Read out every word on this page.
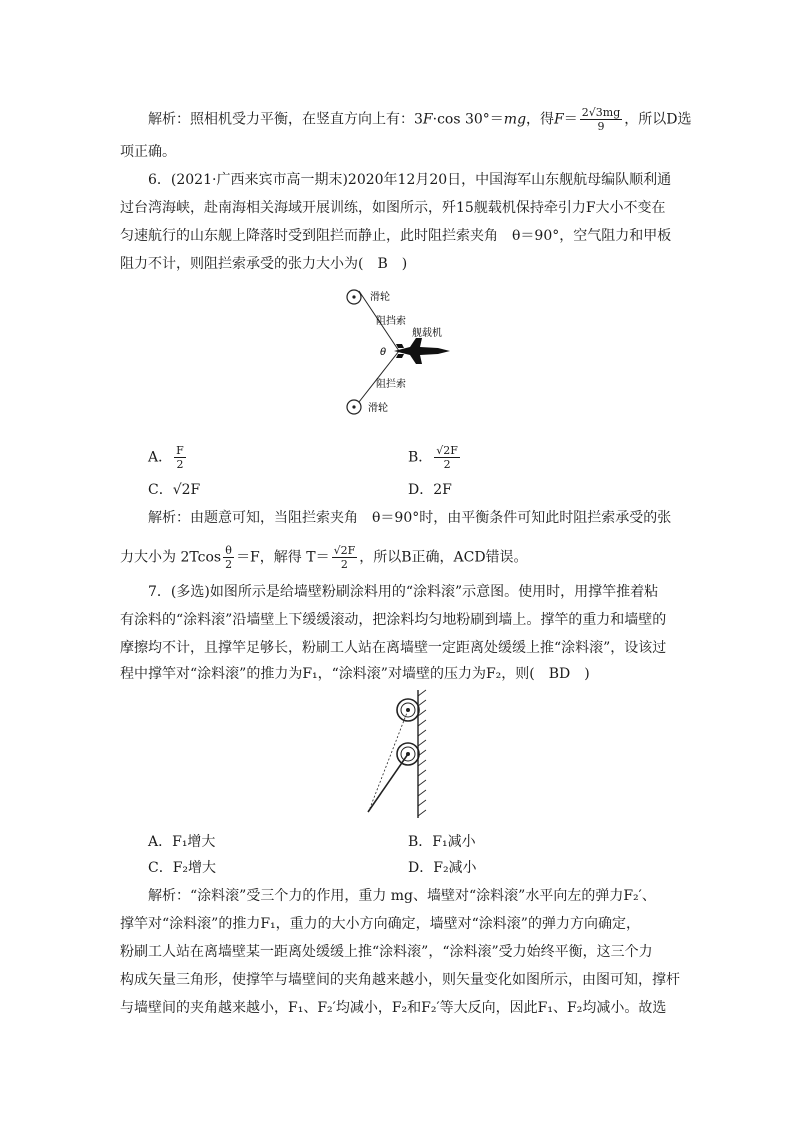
解析：照相机受力平衡，在竖直方向上有：3F·cos 30°＝mg，得$F= \frac{2√3mg}{9}$ ，所以D选
项正确。
6．(2021·广西来宾市高一期末)2020年12月20日，中国海军山东舰航母编队顺利通
过台湾海峡，赴南海相关海域开展训练，如图所示，歼15舰载机保持牵引力F大小不变在
匀速航行的山东舰上降落时受到阻拦而静止，此时阻拦索夹角　θ＝90°，空气阻力和甲板
阻力不计，则阻拦索承受的张力大小为(　B　)
滑轮
阻挡索
舰载机
θ
阻拦索
滑轮
A． $\frac{F}{2}$	B． $\frac{√2F}{2}$
C．√2F	D．2F
解析：由题意可知，当阻拦索夹角　θ＝90°时，由平衡条件可知此时阻拦索承受的张
力大小为 $2Tcos \frac{\theta}{2} =F$，解得 $T= \frac{√2F}{2}$ ，所以B正确，ACD错误。
7．(多选)如图所示是给墙壁粉刷涂料用的“涂料滚”示意图。使用时，用撑竿推着粘
有涂料的“涂料滚”沿墙壁上下缓缓滚动，把涂料均匀地粉刷到墙上。撑竿的重力和墙壁的
摩擦均不计，且撑竿足够长，粉刷工人站在离墙壁一定距离处缓缓上推“涂料滚”，设该过
程中撑竿对“涂料滚”的推力为F₁，“涂料滚”对墙壁的压力为F₂，则(　BD　)
A．F₁增大	B．F₁减小
C．F₂增大	D．F₂减小
解析：“涂料滚”受三个力的作用，重力 mg、墙壁对“涂料滚”水平向左的弹力F₂′、
撑竿对“涂料滚”的推力F₁，重力的大小方向确定，墙壁对“涂料滚”的弹力方向确定，
粉刷工人站在离墙壁某一距离处缓缓上推“涂料滚”，“涂料滚”受力始终平衡，这三个力
构成矢量三角形，使撑竿与墙壁间的夹角越来越小，则矢量变化如图所示，由图可知，撑杆
与墙壁间的夹角越来越小，F₁、F₂′均减小，F₂和F₂′等大反向，因此F₁、F₂均减小。故选
